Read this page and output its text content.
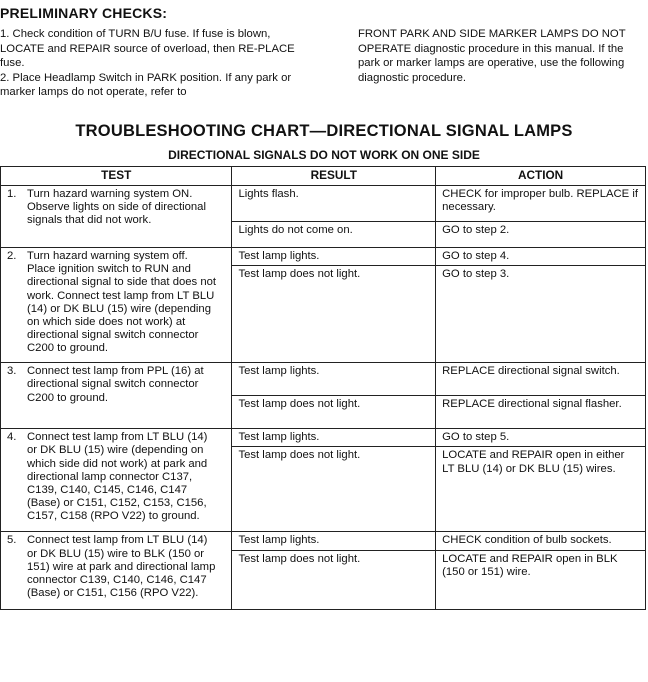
PRELIMINARY CHECKS:
1. Check condition of TURN B/U fuse. If fuse is blown, LOCATE and REPAIR source of overload, then RE-PLACE fuse.
2. Place Headlamp Switch in PARK position. If any park or marker lamps do not operate, refer to
FRONT PARK AND SIDE MARKER LAMPS DO NOT OPERATE diagnostic procedure in this manual. If the park or marker lamps are operative, use the following diagnostic procedure.
TROUBLESHOOTING CHART—DIRECTIONAL SIGNAL LAMPS
DIRECTIONAL SIGNALS DO NOT WORK ON ONE SIDE
TEST	RESULT	ACTION
1. Turn hazard warning system ON. Observe lights on side of directional signals that did not work.	Lights flash.	CHECK for improper bulb. REPLACE if necessary.
	Lights do not come on.	GO to step 2.
2. Turn hazard warning system off. Place ignition switch to RUN and directional signal to side that does not work. Connect test lamp from LT BLU (14) or DK BLU (15) wire (depending on which side does not work) at directional signal switch connector C200 to ground.	Test lamp lights.	GO to step 4.
	Test lamp does not light.	GO to step 3.
3. Connect test lamp from PPL (16) at directional signal switch connector C200 to ground.	Test lamp lights.	REPLACE directional signal switch.
	Test lamp does not light.	REPLACE directional signal flasher.
4. Connect test lamp from LT BLU (14) or DK BLU (15) wire (depending on which side did not work) at park and directional lamp connector C137, C139, C140, C145, C146, C147 (Base) or C151, C152, C153, C156, C157, C158 (RPO V22) to ground.	Test lamp lights.	GO to step 5.
	Test lamp does not light.	LOCATE and REPAIR open in either LT BLU (14) or DK BLU (15) wires.
5. Connect test lamp from LT BLU (14) or DK BLU (15) wire to BLK (150 or 151) wire at park and directional lamp connector C139, C140, C146, C147 (Base) or C151, C156 (RPO V22).	Test lamp lights.	CHECK condition of bulb sockets.
	Test lamp does not light.	LOCATE and REPAIR open in BLK (150 or 151) wire.
